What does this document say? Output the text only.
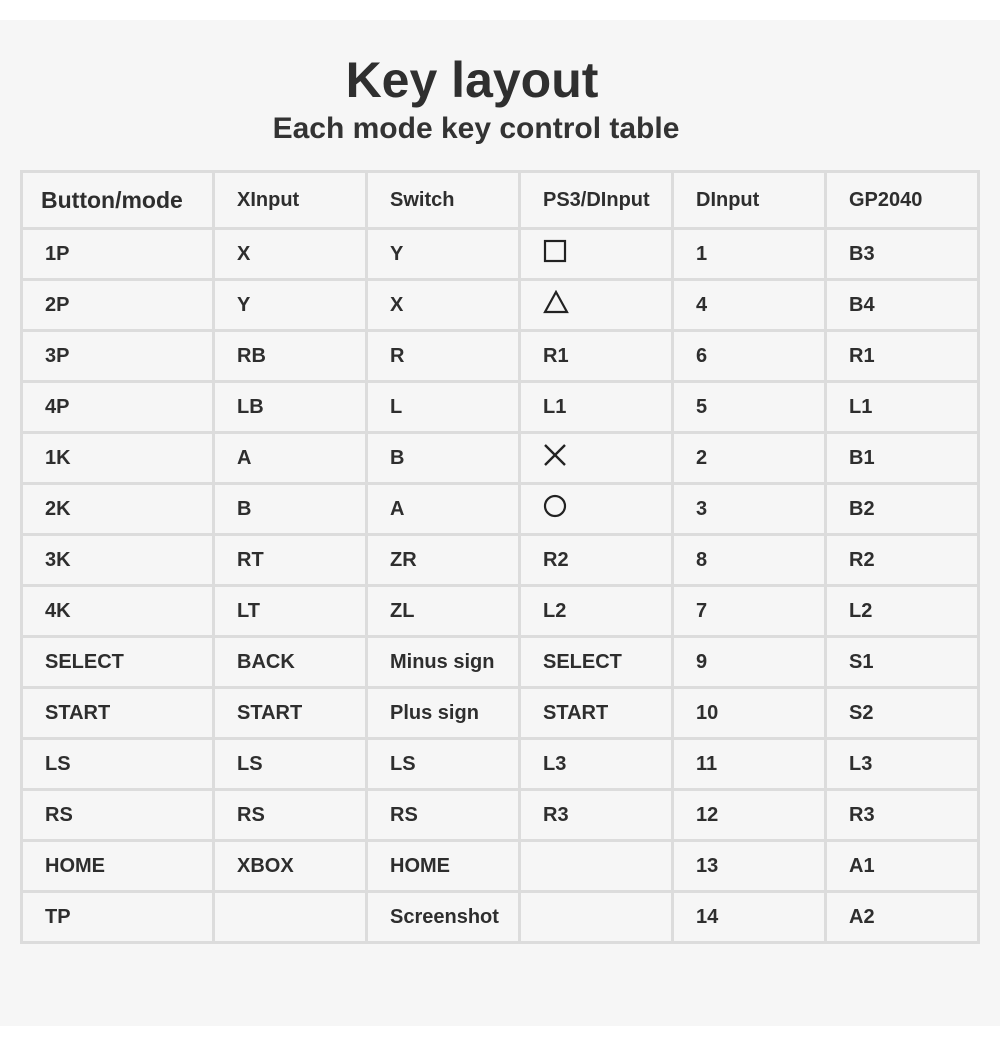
Key layout
Each mode key control table
Button/mode	XInput	Switch	PS3/DInput	DInput	GP2040
1P	X	Y		1	B3
2P	Y	X		4	B4
3P	RB	R	R1	6	R1
4P	LB	L	L1	5	L1
1K	A	B		2	B1
2K	B	A		3	B2
3K	RT	ZR	R2	8	R2
4K	LT	ZL	L2	7	L2
SELECT	BACK	Minus sign	SELECT	9	S1
START	START	Plus sign	START	10	S2
LS	LS	LS	L3	11	L3
RS	RS	RS	R3	12	R3
HOME	XBOX	HOME		13	A1
TP		Screenshot		14	A2
